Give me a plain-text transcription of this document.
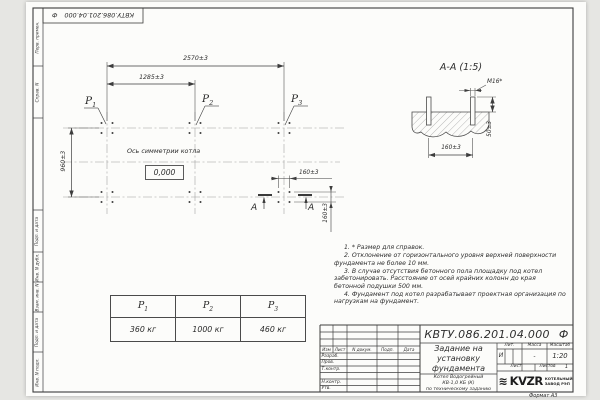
КВТУ.086.201.04.000
Ф
Перв. примен.
Справ. N
Подп. и дата
Инв. N дубл.
Взам. инв. N
Подп. и дата
Инв. N подл.
2570±3
1285±3
960±3
$P_1$
$P_2$	$P_3$
Ось симметрии котла
0,000
А	А
160±3
160±3
А-А (1:5)
М16*
50±3
160±3

1. * Размер для справок.

2. Отклонение от горизонтального уровня верхней поверхности фундамента не более 10 мм.

3. В случае отсутствия бетонного пола площадку под котел забетонировать. Расстояние от осей крайних колонн до края бетонной подушки 500 мм.

4. Фундамент под котел разрабатывает проектная организация по нагрузкам на фундамент.

$P_1$	$P_2$	$P_3$
360 кг	1000 кг	460 кг	КВТУ.086.201.04.000 Ф
Задание на
установку
фундамента
Котел Водогрейный
КВ-1,0 КБ (К)
по техническому заданию
Изм Лист	N докум.	Подп.	Дата
Разраб.
Пров.
Т.контр.
Н.контр.
Утв.
Лит.	Масса	Масштаб
И	-	1:20
Лист	Листов	1
≋ KVZR КОТЕЛЬНЫЙ
ЗАВОД РЭП
Формат А3
